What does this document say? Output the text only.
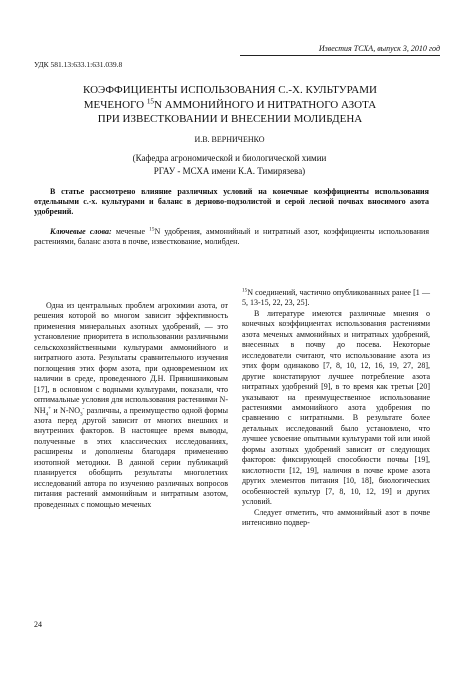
Известия ТСХА, выпуск 3, 2010 год
УДК 581.13:633.1:631.039.8
КОЭФФИЦИЕНТЫ ИСПОЛЬЗОВАНИЯ С.-Х. КУЛЬТУРАМИ
МЕЧЕНОГО $^{15}$N АММОНИЙНОГО И НИТРАТНОГО АЗОТА
ПРИ ИЗВЕСТКОВАНИИ И ВНЕСЕНИИ МОЛИБДЕНА
И.В. ВЕРНИЧЕНКО
(Кафедра агрономической и биологической химии
РГАУ - МСХА имени К.А. Тимирязева)
В статье рассмотрено влияние различных условий на конечные коэффициенты использования отдельными с.-х. культурами и баланс в дерново-подзолистой и серой лесной почвах вносимого азота удобрений.
Ключевые слова: меченые $^{15}$N удобрения, аммонийный и нитратный азот, коэффициенты использования растениями, баланс азота в почве, известкование, молибден.

Одна из центральных проблем агрохимии азота, от решения которой во многом зависит эффективность применения минеральных азотных удобрений, — это установление приоритета в использовании различными сельскохозяйственными культурами аммонийного и нитратного азота. Результаты сравнительного изучения поглощения этих форм азота, при одновременном их наличии в среде, проведенного Д.Н. Прянишниковым [17], в основном с водными культурами, показали, что оптимальные условия для использования растениями $N-NH_4^+$ и $N-NO_3^-$ различны, а преимущество одной формы азота перед другой зависит от многих внешних и внутренних факторов. В настоящее время выводы, полученные в этих классических исследованиях, расширены и дополнены благодаря применению изотопной методики. В данной серии публикаций планируется обобщить результаты многолетних исследований автора по изучению различных вопросов питания растений аммонийным и нитратным азотом, проведенных с помощью меченых

$^{15}$N соединений, частично опубликованных ранее [1 —5, 13-15, 22, 23, 25].

В литературе имеются различные мнения о конечных коэффициентах использования растениями азота меченых аммонийных и нитратных удобрений, внесенных в почву до посева. Некоторые исследователи считают, что использование азота из этих форм одинаково [7, 8, 10, 12, 16, 19, 27, 28], другие констатируют лучшее потребление азота нитратных удобрений [9], в то время как третьи [20] указывают на преимущественное использование растениями аммонийного азота удобрения по сравнению с нитратными. В результате более детальных исследований было установлено, что лучшее усвоение опытными культурами той или иной формы азотных удобрений зависит от следующих факторов: фиксирующей способности почвы [19], кислотности [12, 19], наличия в почве кроме азота других элементов питания [10, 18], биологических особенностей культур [7, 8, 10, 12, 19] и других условий.

Следует отметить, что аммонийный азот в почве интенсивно подвер-

24
